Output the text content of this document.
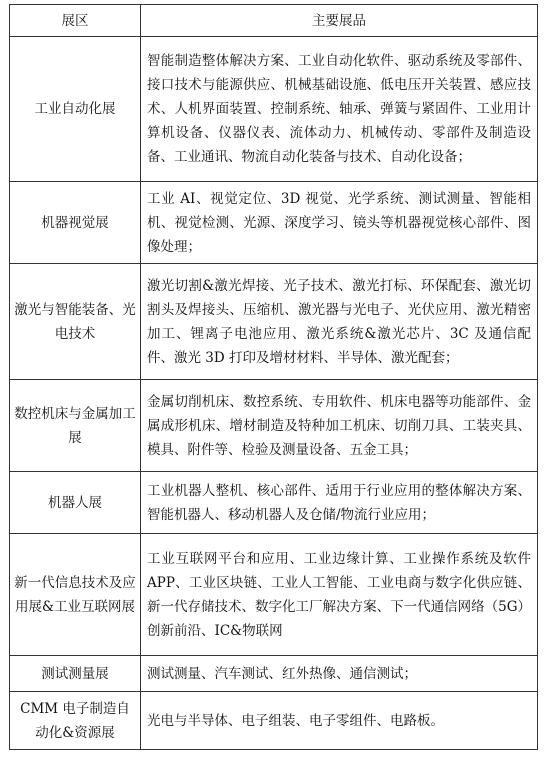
展区	主要展品
工业自动化展	智能制造整体解决方案、工业自动化软件、驱动系统及零部件、接口技术与能源供应、机械基础设施、低电压开关装置、感应技术、人机界面装置、控制系统、轴承、弹簧与紧固件、工业用计算机设备、仪器仪表、流体动力、机械传动、零部件及制造设备、工业通讯、物流自动化装备与技术、自动化设备；
机器视觉展	工业 AI、视觉定位、3D 视觉、光学系统、测试测量、智能相机、视觉检测、光源、深度学习、镜头等机器视觉核心部件、图像处理；
激光与智能装备、光电技术	激光切割&激光焊接、光子技术、激光打标、环保配套、激光切割头及焊接头、压缩机、激光器与光电子、光伏应用、激光精密加工、锂离子电池应用、激光系统&激光芯片、3C 及通信配件、激光 3D 打印及增材材料、半导体、激光配套；
数控机床与金属加工展	金属切削机床、数控系统、专用软件、机床电器等功能部件、金属成形机床、增材制造及特种加工机床、切削刀具、工装夹具、模具、附件等、检验及测量设备、五金工具；
机器人展	工业机器人整机、核心部件、适用于行业应用的整体解决方案、智能机器人、移动机器人及仓储/物流行业应用；
新一代信息技术及应用展&工业互联网展	工业互联网平台和应用、工业边缘计算、工业操作系统及软件 APP、工业区块链、工业人工智能、工业电商与数字化供应链、新一代存储技术、数字化工厂解决方案、下一代通信网络（5G）创新前沿、IC&物联网
测试测量展	测试测量、汽车测试、红外热像、通信测试；
CMM 电子制造自动化&资源展	光电与半导体、电子组装、电子零组件、电路板。
